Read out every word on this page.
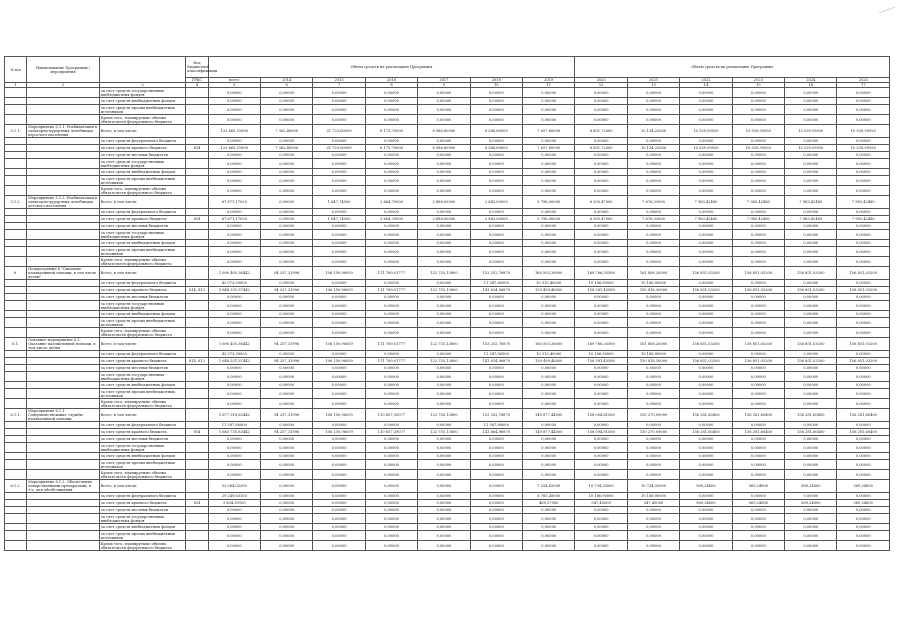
№ п/п	Наименование Программы / мероприятия		Код бюджетной классификации	Объем средств на реализацию Программы							Объем средств на реализацию Программы					
			ГРБС	всего	2014	2015	2016	2017	2018	2019	2020	2021	2022	2023	2024	2025
1	2	3	4	5	6	7	8	9	10	11	12	13	14	15	16	17
		за счет средств государственных внебюджетных фондов		0,00000	0,00000	0,00000	0,00000	0,00000	0,00000	0,00000	0,00000	0,00000	0,00000	0,00000	0,00000	0,00000
		за счет средств внебюджетных фондов		0,00000	0,00000	0,00000	0,00000	0,00000	0,00000	0,00000	0,00000	0,00000	0,00000	0,00000	0,00000	0,00000
		за счет средств прочих внебюджетных источников		0,00000	0,00000	0,00000	0,00000	0,00000	0,00000	0,00000	0,00000	0,00000	0,00000	0,00000	0,00000	0,00000
		Кроме того, планируемые объемы обязательств федерального бюджета		0,00000	0,00000	0,00000	0,00000	0,00000	0,00000	0,00000	0,00000	0,00000	0,00000	0,00000	0,00000	0,00000
5.1.1.	Мероприятие 5.1.1. Реабилитация в санаторно-курортных лечебницах взрослого населения	Всего, в том числе:		123 665,51690	7 362,40000	21 723,60000	8 175,70000	8 586,60000	8 586,60000	7 657,60000	8 851,72000	10 134,22000	10 539,59920	10 539,59920	10 539,59920	10 539,59920
		за счет средств федерального бюджета		0,00000	0,00000	0,00000	0,00000	0,00000	0,00000	0,00000	0,00000	0,00000	0,00000	0,00000	0,00000	0,00000
		за счет средств краевого бюджета	814	123 665,51690	7 362,40000	21 723,60000	8 175,70000	8 586,60000	8 586,60000	7 657,60000	8 851,72000	10 134,22000	10 539,59920	10 539,59920	10 539,59920	10 539,59920
		за счет средств местных бюджетов		0,00000	0,00000	0,00000	0,00000	0,00000	0,00000	0,00000	0,00000	0,00000	0,00000	0,00000	0,00000	0,00000
		за счет средств государственных внебюджетных фондов		0,00000	0,00000	0,00000	0,00000	0,00000	0,00000	0,00000	0,00000	0,00000	0,00000	0,00000	0,00000	0,00000
		за счет средств внебюджетных фондов		0,00000	0,00000	0,00000	0,00000	0,00000	0,00000	0,00000	0,00000	0,00000	0,00000	0,00000	0,00000	0,00000
		за счет средств прочих внебюджетных источников		0,00000	0,00000	0,00000	0,00000	0,00000	0,00000	0,00000	0,00000	0,00000	0,00000	0,00000	0,00000	0,00000
		Кроме того, планируемые объемы обязательств федерального бюджета		0,00000	0,00000	0,00000	0,00000	0,00000	0,00000	0,00000	0,00000	0,00000	0,00000	0,00000	0,00000	0,00000
5.1.2.	Мероприятие 5.1.2. Реабилитация в санаторно-курортных лечебницах детского населения	Всего, в том числе:		67 871,17020	0,00000	1 647,74000	2 664,70000	2 888,00000	2 843,00000	5 796,00000	6 305,47000	7 676,33000	7 983,42480	7 983,42480	7 983,42480	7 983,42480
		за счет средств федерального бюджета		0,00000	0,00000	0,00000	0,00000	0,00000	0,00000	0,00000	0,00000	0,00000	0,00000	0,00000	0,00000	0,00000
		за счет средств краевого бюджета	814	67 871,17020	0,00000	1 647,74000	2 664,70000	2 888,00000	2 843,00000	5 796,00000	6 305,47000	7 676,33000	7 983,42480	7 983,42480	7 983,42480	7 983,42480
		за счет средств местных бюджетов		0,00000	0,00000	0,00000	0,00000	0,00000	0,00000	0,00000	0,00000	0,00000	0,00000	0,00000	0,00000	0,00000
		за счет средств государственных внебюджетных фондов		0,00000	0,00000	0,00000	0,00000	0,00000	0,00000	0,00000	0,00000	0,00000	0,00000	0,00000	0,00000	0,00000
		за счет средств внебюджетных фондов		0,00000	0,00000	0,00000	0,00000	0,00000	0,00000	0,00000	0,00000	0,00000	0,00000	0,00000	0,00000	0,00000
		за счет средств прочих внебюджетных источников		0,00000	0,00000	0,00000	0,00000	0,00000	0,00000	0,00000	0,00000	0,00000	0,00000	0,00000	0,00000	0,00000
		Кроме того, планируемые объемы обязательств федерального бюджета		0,00000	0,00000	0,00000	0,00000	0,00000	0,00000	0,00000	0,00000	0,00000	0,00000	0,00000	0,00000	0,00000
6.	Подпрограмма 6 "Оказание паллиативной помощи, в том числе детям"	Всего, в том числе:		1 690 405,36442	94 257,31996	106 150,96059	111 769,01777	122 755,13800	153 252,76870	160 503,26000	169 766,35580	161 808,20000	156 851,03200	156 851,03200	156 851,03200	156 851,03200
		за счет средств федерального бюджета		42 073,39000	0,00000	0,00000	0,00000	0,00000	11 547,80000	10 315,40000	10 186,90000	10 186,90000	0,00000	0,00000	0,00000	0,00000
		за счет средств краевого бюджета	814, 812	1 648 331,97442	94 257,31996	106 150,96059	111 769,01777	122 755,13800	141 634,96870	150 499,46000	158 581,45580	150 816,30000	156 851,03200	156 851,03200	156 851,03200	156 851,03200
		за счет средств местных бюджетов		0,00000	0,00000	0,00000	0,00000	0,00000	0,00000	0,00000	0,00000	0,00000	0,00000	0,00000	0,00000	0,00000
		за счет средств государственных внебюджетных фондов		0,00000	0,00000	0,00000	0,00000	0,00000	0,00000	0,00000	0,00000	0,00000	0,00000	0,00000	0,00000	0,00000
		за счет средств внебюджетных фондов		0,00000	0,00000	0,00000	0,00000	0,00000	0,00000	0,00000	0,00000	0,00000	0,00000	0,00000	0,00000	0,00000
		за счет средств прочих внебюджетных источников		0,00000	0,00000	0,00000	0,00000	0,00000	0,00000	0,00000	0,00000	0,00000	0,00000	0,00000	0,00000	0,00000
		Кроме того, планируемые объемы обязательств федерального бюджета		0,00000	0,00000	0,00000	0,00000	0,00000	0,00000	0,00000	0,00000	0,00000	0,00000	0,00000	0,00000	0,00000
6.1.	Основное мероприятие 6.1. Оказание паллиативной помощи, в том числе детям	Всего, в том числе:		1 690 405,36442	94 257,31996	106 150,96059	111 769,01777	122 755,13800	153 252,76870	160 503,26000	169 766,35580	161 808,20000	156 851,03200	156 851,03200	156 851,03200	156 851,03200
		за счет средств федерального бюджета		42 073,39000	0,00000	0,00000	0,00000	0,00000	11 547,80000	10 315,40000	10 186,90000	10 186,90000	0,00000	0,00000	0,00000	0,00000
		за счет средств краевого бюджета	814, 812	1 648 331,97442	94 257,31996	106 150,96059	111 769,01777	122 755,13800	141 634,96870	150 499,46000	158 581,45580	150 816,30000	156 851,03200	156 851,03200	156 851,03200	156 851,03200
		за счет средств местных бюджетов		0,00000	0,00000	0,00000	0,00000	0,00000	0,00000	0,00000	0,00000	0,00000	0,00000	0,00000	0,00000	0,00000
		за счет средств государственных внебюджетных фондов		0,00000	0,00000	0,00000	0,00000	0,00000	0,00000	0,00000	0,00000	0,00000	0,00000	0,00000	0,00000	0,00000
		за счет средств внебюджетных фондов		0,00000	0,00000	0,00000	0,00000	0,00000	0,00000	0,00000	0,00000	0,00000	0,00000	0,00000	0,00000	0,00000
		за счет средств прочих внебюджетных источников		0,00000	0,00000	0,00000	0,00000	0,00000	0,00000	0,00000	0,00000	0,00000	0,00000	0,00000	0,00000	0,00000
		Кроме того, планируемые объемы обязательств федерального бюджета		0,00000	0,00000	0,00000	0,00000	0,00000	0,00000	0,00000	0,00000	0,00000	0,00000	0,00000	0,00000	0,00000
6.1.1.	Мероприятие 6.1.1. Совершенствование службы паллиативной помощи	Всего, в том числе:		1 677 318,63442	94 257,31996	106 150,96059	110 857,39077	122 755,13800	153 252,76870	149 877,44000	158 094,81580	150 270,09000	156 281,60400	156 281,60400	156 281,60400	156 281,60400
		за счет средств федерального бюджета		11 587,80000	0,00000	0,00000	0,00000	0,00000	11 587,80000	0,00000	0,00000	0,00000	0,00000	0,00000	0,00000	0,00000
		за счет средств краевого бюджета	814	1 665 730,83442	94 257,31996	106 150,96059	110 857,39077	122 755,13800	141 664,96870	149 877,44000	158 094,81580	150 270,09000	156 281,60400	156 281,60400	156 281,60400	156 281,60400
		за счет средств местных бюджетов		0,00000	0,00000	0,00000	0,00000	0,00000	0,00000	0,00000	0,00000	0,00000	0,00000	0,00000	0,00000	0,00000
		за счет средств государственных внебюджетных фондов		0,00000	0,00000	0,00000	0,00000	0,00000	0,00000	0,00000	0,00000	0,00000	0,00000	0,00000	0,00000	0,00000
		за счет средств внебюджетных фондов		0,00000	0,00000	0,00000	0,00000	0,00000	0,00000	0,00000	0,00000	0,00000	0,00000	0,00000	0,00000	0,00000
		за счет средств прочих внебюджетных источников		0,00000	0,00000	0,00000	0,00000	0,00000	0,00000	0,00000	0,00000	0,00000	0,00000	0,00000	0,00000	0,00000
		Кроме того, планируемые объемы обязательств федерального бюджета		0,00000	0,00000	0,00000	0,00000	0,00000	0,00000	0,00000	0,00000	0,00000	0,00000	0,00000	0,00000	0,00000
6.1.2.	Мероприятие 6.1.2. Обеспечение лекарственными препаратами, в т.ч. для обезболивания	Всего, в том числе:		33 084,02200	0,00000	0,00000	0,00000	0,00000	0,00000	7 254,82000	10 734,35000	10 734,35000	569,24800	569,24800	569,24800	569,24800
		за счет средств федерального бюджета		29 249,63100	0,00000	0,00000	0,00000	0,00000	0,00000	6 785,45000	10 186,90000	10 186,90000	0,00000	0,00000	0,00000	0,00000
		за счет средств краевого бюджета	814	3 834,39100	0,00000	0,00000	0,00000	0,00000	0,00000	469,37000	547,45000	547,45000	569,24800	569,24800	569,24800	569,24800
		за счет средств местных бюджетов		0,00000	0,00000	0,00000	0,00000	0,00000	0,00000	0,00000	0,00000	0,00000	0,00000	0,00000	0,00000	0,00000
		за счет средств государственных внебюджетных фондов		0,00000	0,00000	0,00000	0,00000	0,00000	0,00000	0,00000	0,00000	0,00000	0,00000	0,00000	0,00000	0,00000
		за счет средств внебюджетных фондов		0,00000	0,00000	0,00000	0,00000	0,00000	0,00000	0,00000	0,00000	0,00000	0,00000	0,00000	0,00000	0,00000
		за счет средств прочих внебюджетных источников		0,00000	0,00000	0,00000	0,00000	0,00000	0,00000	0,00000	0,00000	0,00000	0,00000	0,00000	0,00000	0,00000
		Кроме того, планируемые объемы обязательств федерального бюджета		0,00000	0,00000	0,00000	0,00000	0,00000	0,00000	0,00000	0,00000	0,00000	0,00000	0,00000	0,00000	0,00000
